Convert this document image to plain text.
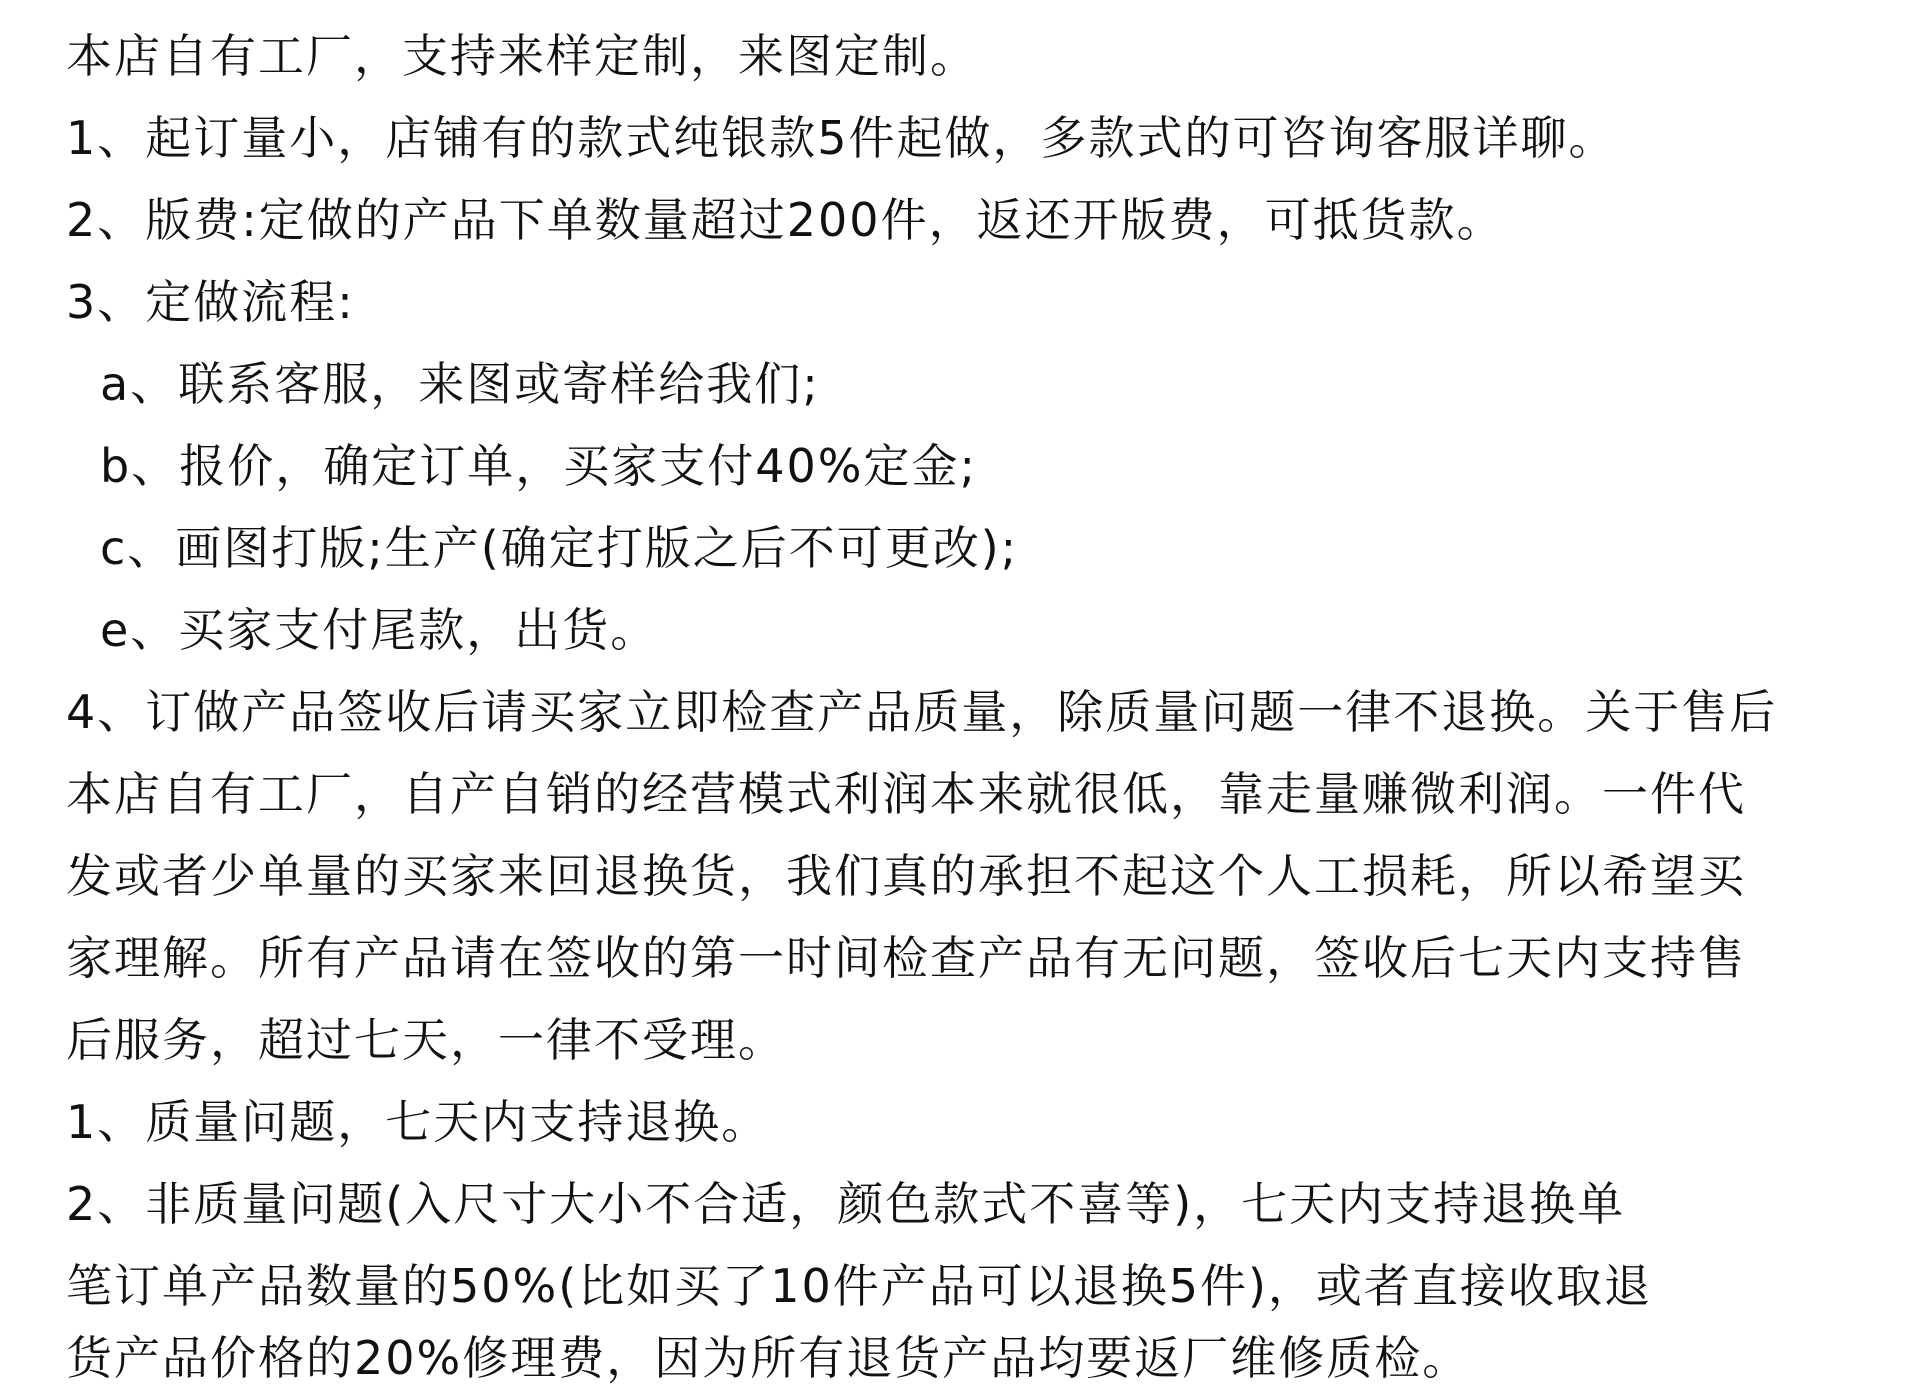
本店自有工厂，支持来样定制，来图定制。
1、起订量小，店铺有的款式纯银款5件起做，多款式的可咨询客服详聊。
2、版费:定做的产品下单数量超过200件，返还开版费，可抵货款。
3、定做流程:
a、联系客服，来图或寄样给我们;
b、报价，确定订单，买家支付40%定金;
c、画图打版;生产(确定打版之后不可更改);
e、买家支付尾款，出货。
4、订做产品签收后请买家立即检查产品质量，除质量问题一律不退换。关于售后
本店自有工厂，自产自销的经营模式利润本来就很低，靠走量赚微利润。一件代
发或者少单量的买家来回退换货，我们真的承担不起这个人工损耗，所以希望买
家理解。所有产品请在签收的第一时间检查产品有无问题，签收后七天内支持售
后服务，超过七天，一律不受理。
1、质量问题，七天内支持退换。
2、非质量问题(入尺寸大小不合适，颜色款式不喜等)，七天内支持退换单
笔订单产品数量的50%(比如买了10件产品可以退换5件)，或者直接收取退
货产品价格的20%修理费，因为所有退货产品均要返厂维修质检。
